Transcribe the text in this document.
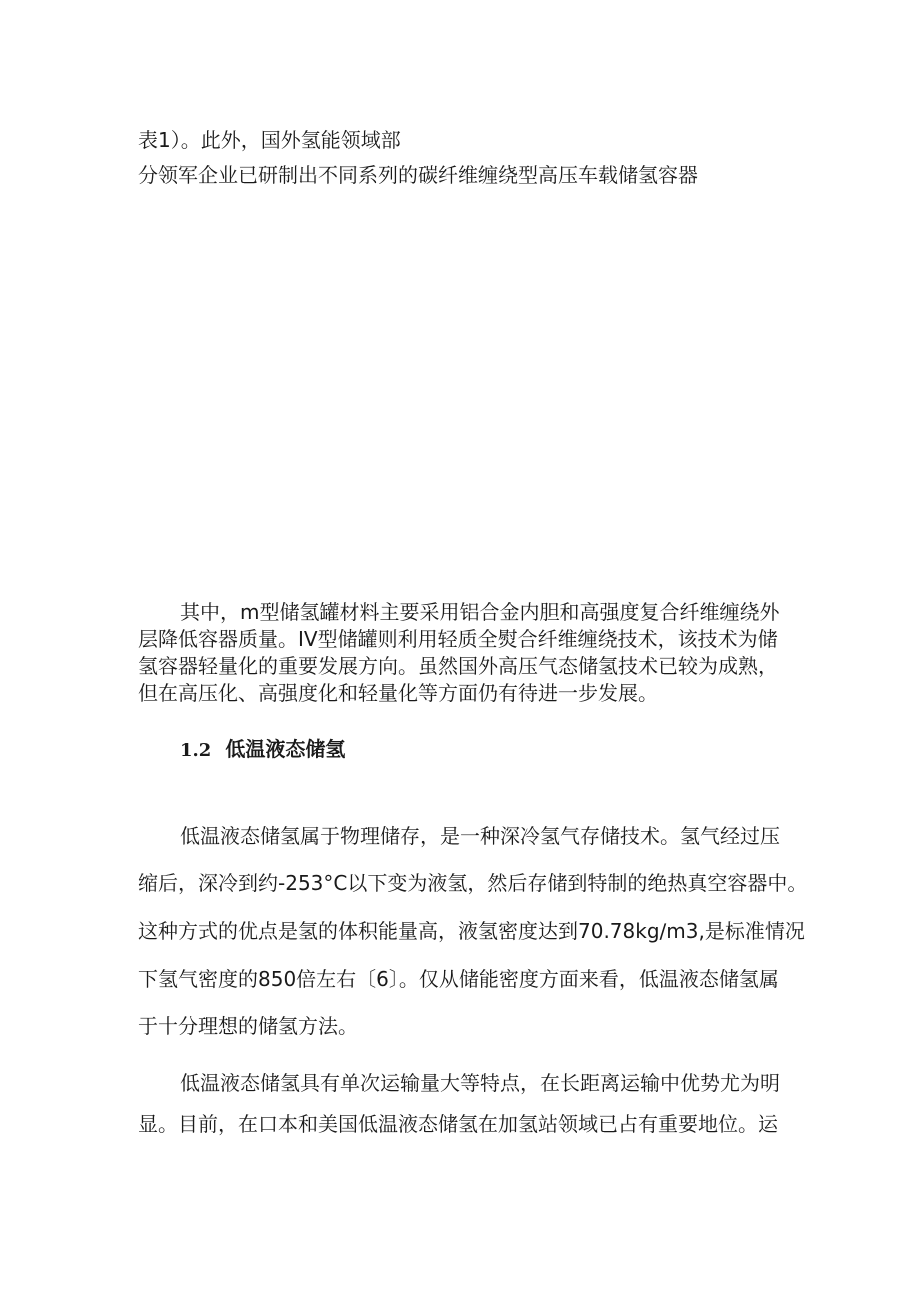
表1）。此外，国外氢能领域部

分领军企业已研制出不同系列的碳纤维缠绕型高压车载储氢容器

其中，m型储氢罐材料主要采用铝合金内胆和高强度复合纤维缠绕外

层降低容器质量。IV型储罐则利用轻质全熨合纤维缠绕技术，该技术为储

氢容器轻量化的重要发展方向。虽然国外高压气态储氢技术已较为成熟，

但在高压化、高强度化和轻量化等方面仍有待进一步发展。

1.2 低温液态储氢

低温液态储氢属于物理储存，是一种深冷氢气存储技术。氢气经过压

缩后，深冷到约-253°C以下变为液氢，然后存储到特制的绝热真空容器中。

这种方式的优点是氢的体积能量高，液氢密度达到70.78kg∕m3,是标准情况

下氢气密度的850倍左右〔6〕。仅从储能密度方面来看，低温液态储氢属

于十分理想的储氢方法。

低温液态储氢具有单次运输量大等特点，在长距离运输中优势尤为明

显。目前，在口本和美国低温液态储氢在加氢站领域已占有重要地位。运
